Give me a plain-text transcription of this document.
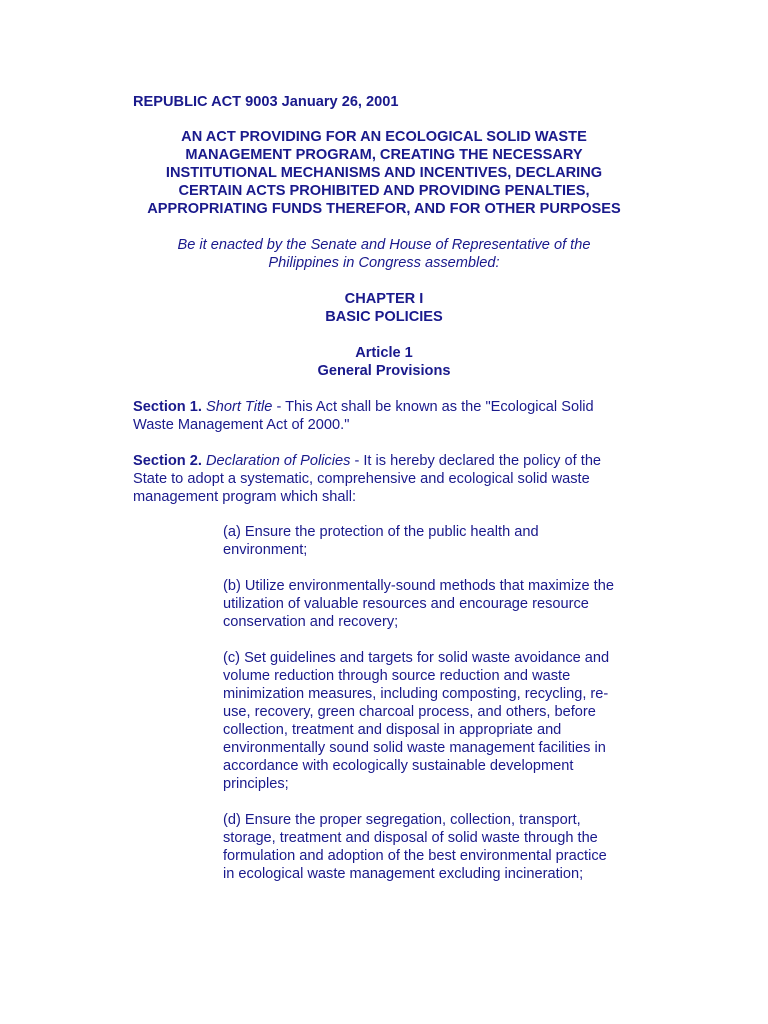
REPUBLIC ACT 9003 January 26, 2001
AN ACT PROVIDING FOR AN ECOLOGICAL SOLID WASTE
MANAGEMENT PROGRAM, CREATING THE NECESSARY
INSTITUTIONAL MECHANISMS AND INCENTIVES, DECLARING
CERTAIN ACTS PROHIBITED AND PROVIDING PENALTIES,
APPROPRIATING FUNDS THEREFOR, AND FOR OTHER PURPOSES
Be it enacted by the Senate and House of Representative of the
Philippines in Congress assembled:
CHAPTER I
BASIC POLICIES
Article 1
General Provisions
Section 1. Short Title - This Act shall be known as the "Ecological Solid
Waste Management Act of 2000."
Section 2. Declaration of Policies - It is hereby declared the policy of the
State to adopt a systematic, comprehensive and ecological solid waste
management program which shall:
(a) Ensure the protection of the public health and
environment;
(b) Utilize environmentally-sound methods that maximize the
utilization of valuable resources and encourage resource
conservation and recovery;
(c) Set guidelines and targets for solid waste avoidance and
volume reduction through source reduction and waste
minimization measures, including composting, recycling, re-
use, recovery, green charcoal process, and others, before
collection, treatment and disposal in appropriate and
environmentally sound solid waste management facilities in
accordance with ecologically sustainable development
principles;
(d) Ensure the proper segregation, collection, transport,
storage, treatment and disposal of solid waste through the
formulation and adoption of the best environmental practice
in ecological waste management excluding incineration;
